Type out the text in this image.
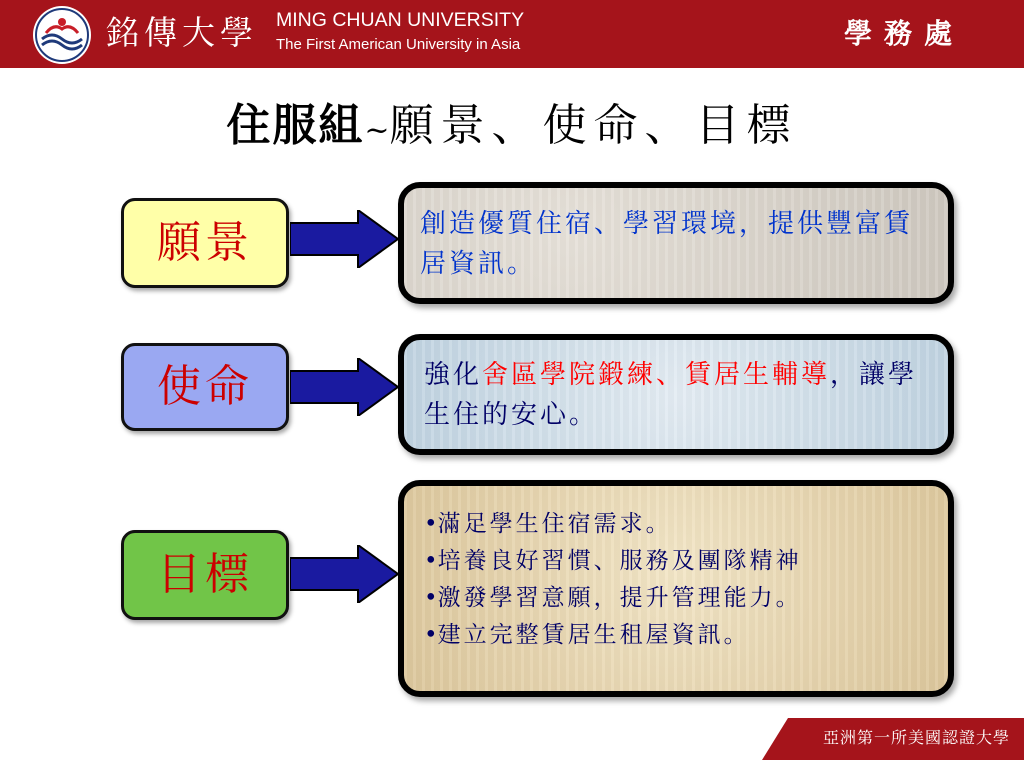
銘傳大學 MING CHUAN UNIVERSITY
The First American University in Asia	學務處
住服組~願景、使命、目標
願景	創造優質住宿、學習環境，提供豐富賃居資訊。
使命	強化舍區學院鍛練、賃居生輔導，讓學生住的安心。
目標
•滿足學生住宿需求。
•培養良好習慣、服務及團隊精神
•激發學習意願，提升管理能力。
•建立完整賃居生租屋資訊。
亞洲第一所美國認證大學
